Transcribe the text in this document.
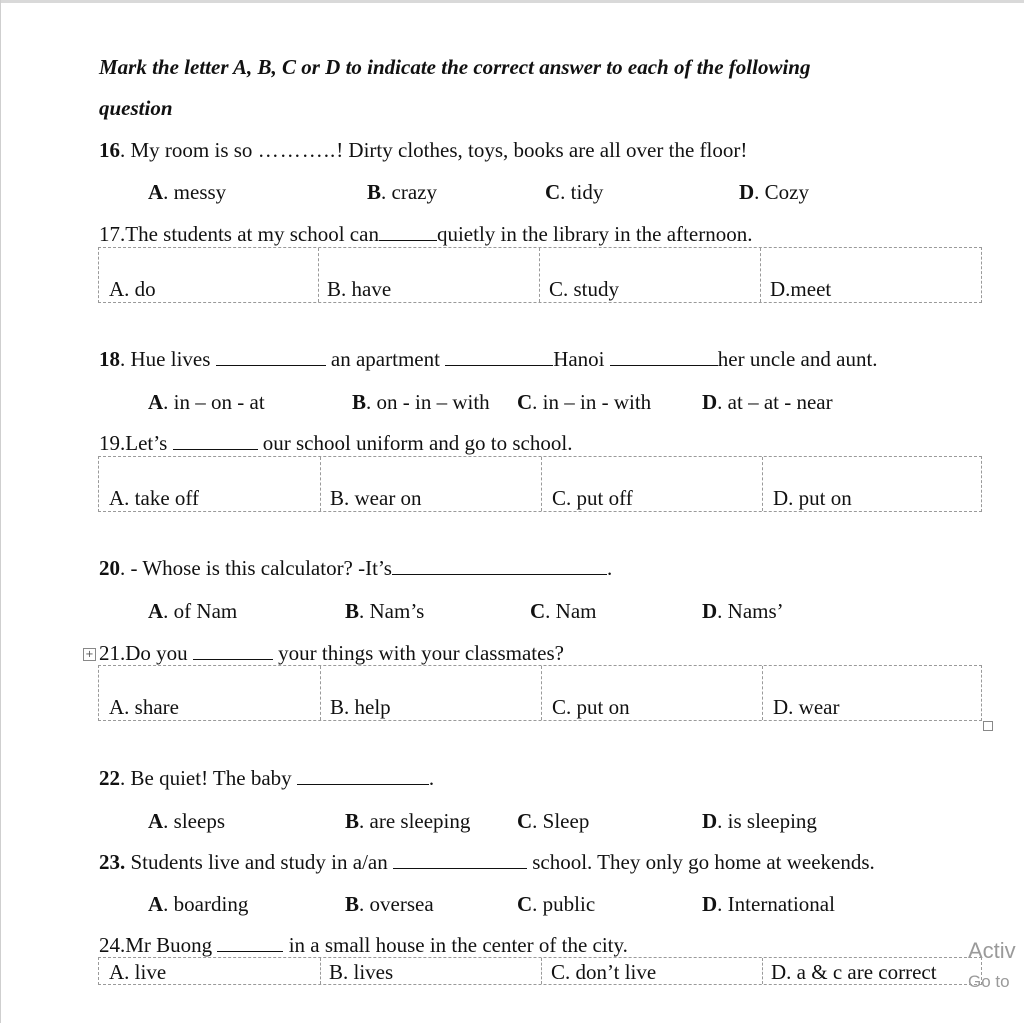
Mark the letter A, B, C or D to indicate the correct answer to each of the following
question
16. My room is so ………..! Dirty clothes, toys, books are all over the floor!
A. messy	B. crazy	C. tidy	D. Cozy
17.The students at my school can	quietly in the library in the afternoon.
A. do	B. have	C. study	D.meet
18. Hue lives	an apartment	Hanoi	her uncle and aunt.
A. in – on - at	B. on - in – with C. in – in - with D. at – at - near
19.Let’s	our school uniform and go to school.
A. take off	B. wear on	C. put off	D. put on
20. - Whose is this calculator? -It’s	.
A. of Nam	B. Nam’s	C. Nam	D. Nams’
+ 21.Do you	your things with your classmates?
A. share	B. help	C. put on	D. wear
22. Be quiet! The baby	.
A. sleeps	B. are sleeping C. Sleep	D. is sleeping
23. Students live and study in a/an	school. They only go home at weekends.
A. boarding	B. oversea	C. public	D. International
24.Mr Buong	in a small house in the center of the city.
A. live	B. lives	C. don’t live	D. a & c are correct
Activ
Go to
